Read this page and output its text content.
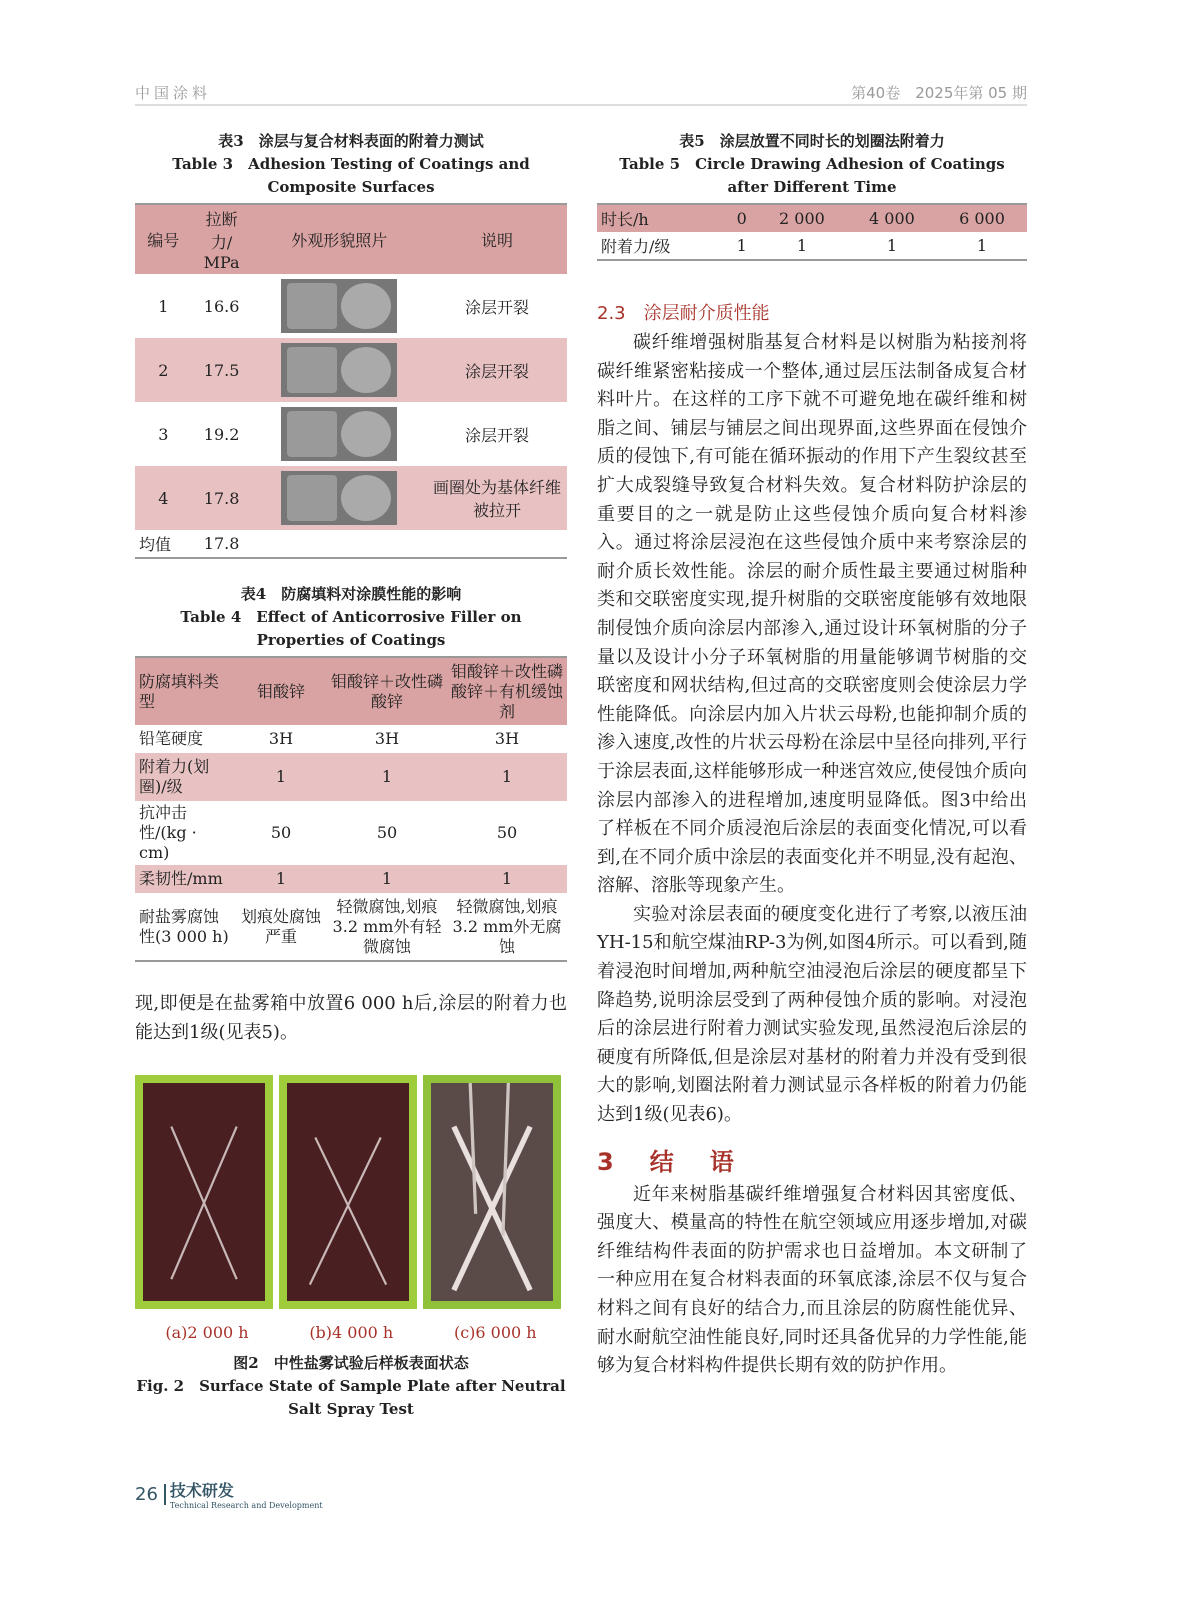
中国涂料	第40卷　2025年第 05 期
表3　涂层与复合材料表面的附着力测试
Table 3　Adhesion Testing of Coatings and Composite Surfaces
编号	拉断力/ MPa	外观形貌照片	说明
1	16.6		涂层开裂
2	17.5		涂层开裂
3	19.2		涂层开裂
4	17.8		画圈处为基体纤维被拉开
均值	17.8		
表4　防腐填料对涂膜性能的影响
Table 4　Effect of Anticorrosive Filler on Properties of Coatings
防腐填料类型	钼酸锌	钼酸锌＋改性磷酸锌	钼酸锌＋改性磷酸锌＋有机缓蚀剂
铅笔硬度	3H	3H	3H
附着力(划圈)/级	1	1	1
抗冲击性/(kg · cm)	50	50	50
柔韧性/mm	1	1	1
耐盐雾腐蚀性(3 000 h)	划痕处腐蚀严重	轻微腐蚀,划痕3.2 mm外有轻微腐蚀	轻微腐蚀,划痕3.2 mm外无腐蚀

现,即便是在盐雾箱中放置6 000 h后,涂层的附着力也能达到1级(见表5)。

(a)2 000 h	(b)4 000 h	(c)6 000 h
图2　中性盐雾试验后样板表面状态
Fig. 2　Surface State of Sample Plate after Neutral Salt Spray Test
表5　涂层放置不同时长的划圈法附着力
Table 5　Circle Drawing Adhesion of Coatings after Different Time
时长/h	0	2 000	4 000	6 000
附着力/级	1	1	1	1
2.3　涂层耐介质性能

碳纤维增强树脂基复合材料是以树脂为粘接剂将碳纤维紧密粘接成一个整体,通过层压法制备成复合材料叶片。在这样的工序下就不可避免地在碳纤维和树脂之间、铺层与铺层之间出现界面,这些界面在侵蚀介质的侵蚀下,有可能在循环振动的作用下产生裂纹甚至扩大成裂缝导致复合材料失效。复合材料防护涂层的重要目的之一就是防止这些侵蚀介质向复合材料渗入。通过将涂层浸泡在这些侵蚀介质中来考察涂层的耐介质长效性能。涂层的耐介质性最主要通过树脂种类和交联密度实现,提升树脂的交联密度能够有效地限制侵蚀介质向涂层内部渗入,通过设计环氧树脂的分子量以及设计小分子环氧树脂的用量能够调节树脂的交联密度和网状结构,但过高的交联密度则会使涂层力学性能降低。向涂层内加入片状云母粉,也能抑制介质的渗入速度,改性的片状云母粉在涂层中呈径向排列,平行于涂层表面,这样能够形成一种迷宫效应,使侵蚀介质向涂层内部渗入的进程增加,速度明显降低。图3中给出了样板在不同介质浸泡后涂层的表面变化情况,可以看到,在不同介质中涂层的表面变化并不明显,没有起泡、溶解、溶胀等现象产生。

实验对涂层表面的硬度变化进行了考察,以液压油YH-15和航空煤油RP-3为例,如图4所示。可以看到,随着浸泡时间增加,两种航空油浸泡后涂层的硬度都呈下降趋势,说明涂层受到了两种侵蚀介质的影响。对浸泡后的涂层进行附着力测试实验发现,虽然浸泡后涂层的硬度有所降低,但是涂层对基材的附着力并没有受到很大的影响,划圈法附着力测试显示各样板的附着力仍能达到1级(见表6)。

3　结　语

近年来树脂基碳纤维增强复合材料因其密度低、强度大、模量高的特性在航空领域应用逐步增加,对碳纤维结构件表面的防护需求也日益增加。本文研制了一种应用在复合材料表面的环氧底漆,涂层不仅与复合材料之间有良好的结合力,而且涂层的防腐性能优异、耐水耐航空油性能良好,同时还具备优异的力学性能,能够为复合材料构件提供长期有效的防护作用。

26 技术研发
Technical Research and Development
